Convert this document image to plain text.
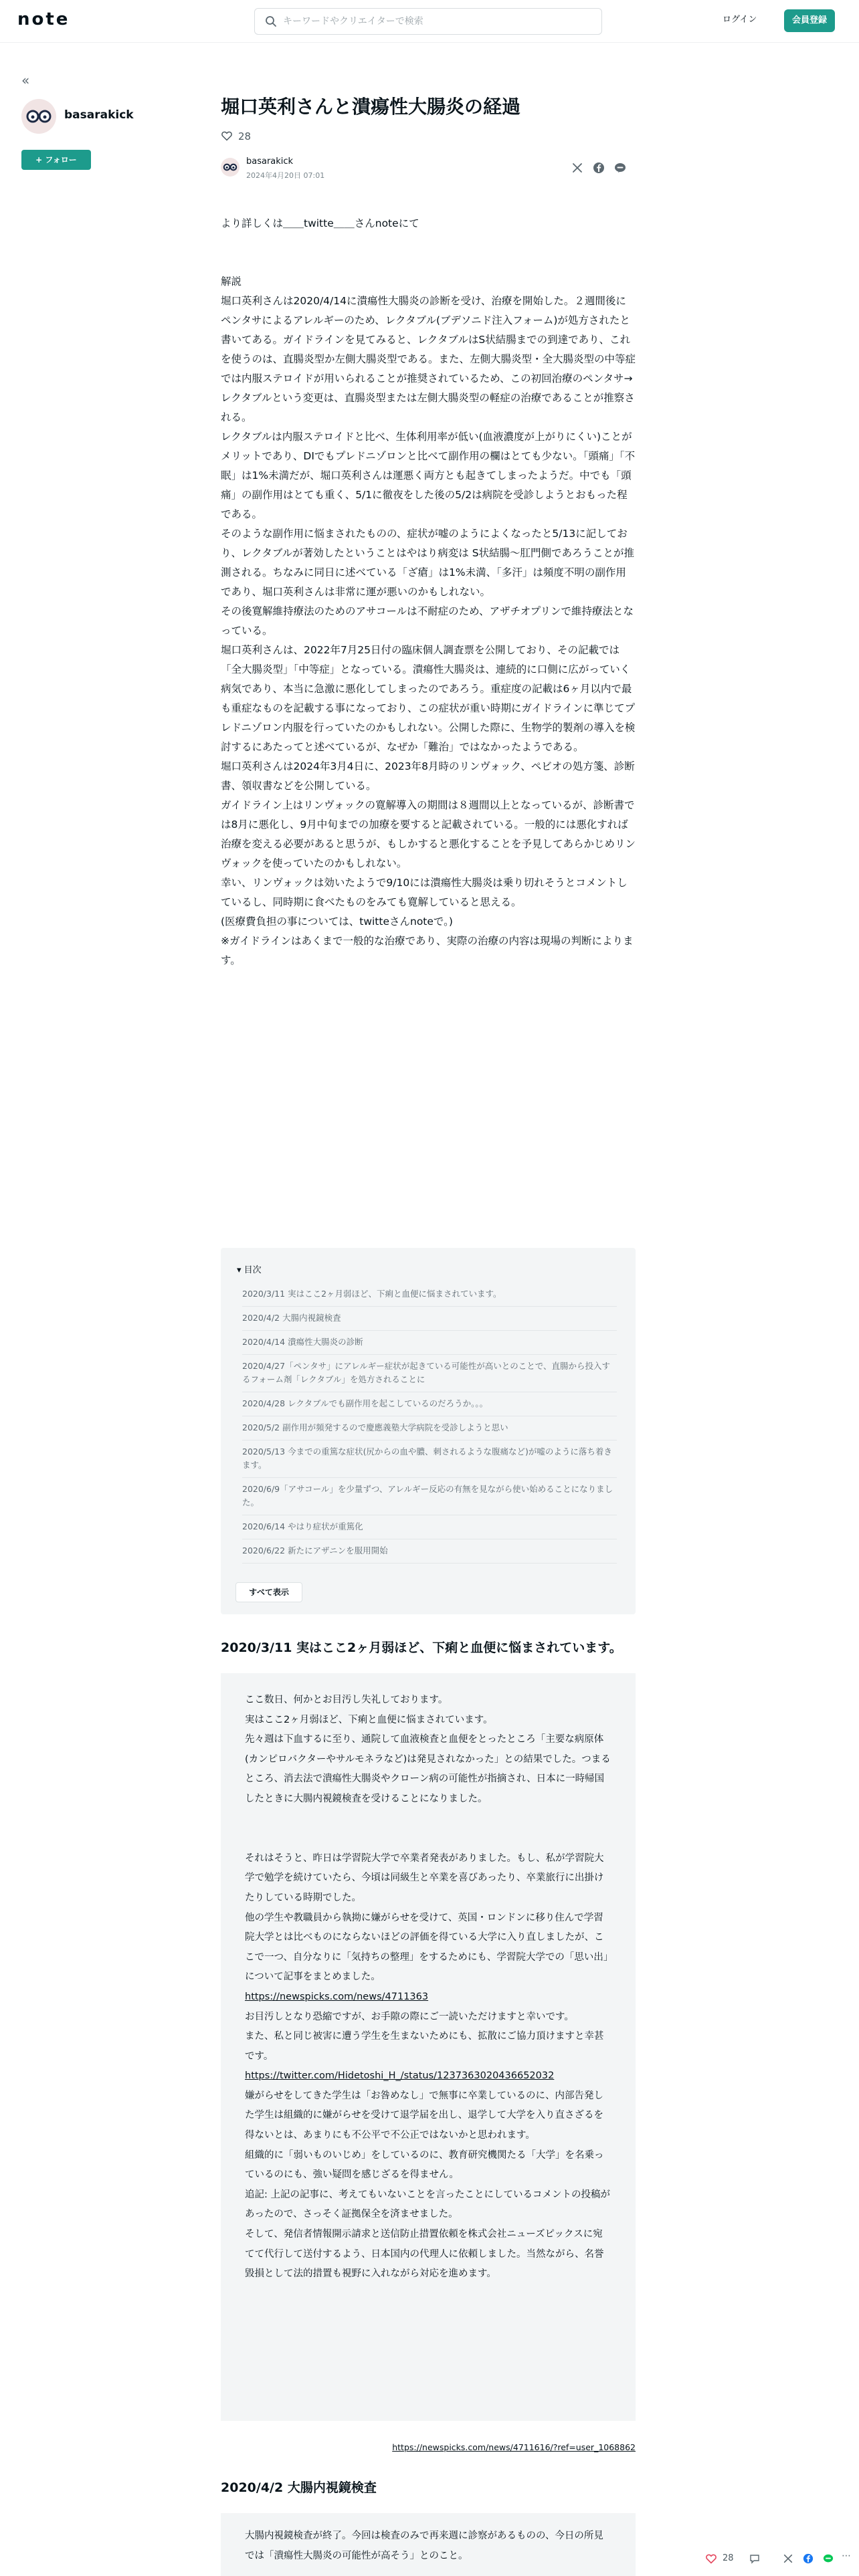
note
キーワードやクリエイターで検索	ログイン	会員登録
«
basarakick
+ フォロー
堀口英利さんと潰瘍性大腸炎の経過
28
basarakick
2024年4月20日 07:01

より詳しくは＿＿twitte＿＿さんnoteにて

解説

堀口英利さんは2020/4/14に潰瘍性大腸炎の診断を受け、治療を開始した。２週間後にペンタサによるアレルギーのため、レクタブル(ブデソニド注入フォーム)が処方されたと書いてある。ガイドラインを見てみると、レクタブルはS状結腸までの到達であり、これを使うのは、直腸炎型か左側大腸炎型である。また、左側大腸炎型・全大腸炎型の中等症では内服ステロイドが用いられることが推奨されているため、この初回治療のペンタサ→レクタブルという変更は、直腸炎型または左側大腸炎型の軽症の治療であることが推察される。

レクタブルは内服ステロイドと比べ、生体利用率が低い(血液濃度が上がりにくい)ことがメリットであり、DIでもプレドニゾロンと比べて副作用の欄はとても少ない。「頭痛」「不眠」は1%未満だが、堀口英利さんは運悪く両方とも起きてしまったようだ。中でも「頭痛」の副作用はとても重く、5/1に徹夜をした後の5/2は病院を受診しようとおもった程である。

そのような副作用に悩まされたものの、症状が嘘のようによくなったと5/13に記しており、レクタブルが著効したということはやはり病変は S状結腸〜肛門側であろうことが推測される。ちなみに同日に述べている「ざ瘡」は1%未満、「多汗」は頻度不明の副作用であり、堀口英利さんは非常に運が悪いのかもしれない。

その後寛解維持療法のためのアサコールは不耐症のため、アザチオプリンで維持療法となっている。

堀口英利さんは、2022年7月25日付の臨床個人調査票を公開しており、その記載では「全大腸炎型」「中等症」となっている。潰瘍性大腸炎は、連続的に口側に広がっていく病気であり、本当に急激に悪化してしまったのであろう。重症度の記載は6ヶ月以内で最も重症なものを記載する事になっており、この症状が重い時期にガイドラインに準じてプレドニゾロン内服を行っていたのかもしれない。公開した際に、生物学的製剤の導入を検討するにあたってと述べているが、なぜか「難治」ではなかったようである。

堀口英利さんは2024年3月4日に、2023年8月時のリンヴォック、ペビオの処方箋、診断書、領収書などを公開している。

ガイドライン上はリンヴォックの寛解導入の期間は８週間以上となっているが、診断書では8月に悪化し、9月中旬までの加療を要すると記載されている。一般的には悪化すれば治療を変える必要があると思うが、もしかすると悪化することを予見してあらかじめリンヴォックを使っていたのかもしれない。

幸い、リンヴォックは効いたようで9/10には潰瘍性大腸炎は乗り切れそうとコメントしているし、同時期に食べたものをみても寛解していると思える。

(医療費負担の事については、twitteさんnoteで。)

※ガイドラインはあくまで一般的な治療であり、実際の治療の内容は現場の判断によります。

▾ 目次
2020/3/11 実はここ2ヶ月弱ほど、下痢と血便に悩まされています。
2020/4/2 大腸内視鏡検査
2020/4/14 潰瘍性大腸炎の診断
2020/4/27「ペンタサ」にアレルギー症状が起きている可能性が高いとのことで、直腸から投入するフォーム剤「レクタブル」を処方されることに
2020/4/28 レクタブルでも副作用を起こしているのだろうか。。。
2020/5/2 副作用が頻発するので慶應義塾大学病院を受診しようと思い
2020/5/13 今までの重篤な症状(尻からの血や膿、刺されるような腹痛など)が嘘のように落ち着きます。
2020/6/9「アサコール」を少量ずつ、アレルギー反応の有無を見ながら使い始めることになりました。
2020/6/14 やはり症状が重篤化
2020/6/22 新たにアザニンを服用開始
すべて表示
2020/3/11 実はここ2ヶ月弱ほど、下痢と血便に悩まされています。

ここ数日、何かとお目汚し失礼しております。

実はここ2ヶ月弱ほど、下痢と血便に悩まされています。

先々週は下血するに至り、通院して血液検査と血便をとったところ「主要な病原体(カンピロバクターやサルモネラなど)は発見されなかった」との結果でした。つまるところ、消去法で潰瘍性大腸炎やクローン病の可能性が指摘され、日本に一時帰国したときに大腸内視鏡検査を受けることになりました。

それはそうと、昨日は学習院大学で卒業者発表がありました。もし、私が学習院大学で勉学を続けていたら、今頃は同級生と卒業を喜びあったり、卒業旅行に出掛けたりしている時期でした。

他の学生や教職員から執拗に嫌がらせを受けて、英国・ロンドンに移り住んで学習院大学とは比べものにならないほどの評価を得ている大学に入り直しましたが、ここで一つ、自分なりに「気持ちの整理」をするためにも、学習院大学での「思い出」について記事をまとめました。

https://newspicks.com/news/4711363

お目汚しとなり恐縮ですが、お手隙の際にご一読いただけますと幸いです。

また、私と同じ被害に遭う学生を生まないためにも、拡散にご協力頂けますと幸甚です。

https://twitter.com/Hidetoshi_H_/status/1237363020436652032

嫌がらせをしてきた学生は「お咎めなし」で無事に卒業しているのに、内部告発した学生は組織的に嫌がらせを受けて退学届を出し、退学して大学を入り直さざるを得ないとは、あまりにも不公平で不公正ではないかと思われます。

組織的に「弱いものいじめ」をしているのに、教育研究機関たる「大学」を名乗っているのにも、強い疑問を感じざるを得ません。

追記: 上記の記事に、考えてもいないことを言ったことにしているコメントの投稿があったので、さっそく証拠保全を済ませました。

そして、発信者情報開示請求と送信防止措置依頼を株式会社ニューズピックスに宛てて代行して送付するよう、日本国内の代理人に依頼しました。当然ながら、名誉毀損として法的措置も視野に入れながら対応を進めます。

https://newspicks.com/news/4711616/?ref=user_1068862
2020/4/2 大腸内視鏡検査

大腸内視鏡検査が終了。今回は検査のみで再来週に診察があるものの、今日の所見では「潰瘍性大腸炎の可能性が高そう」とのこと。	28	⋯
